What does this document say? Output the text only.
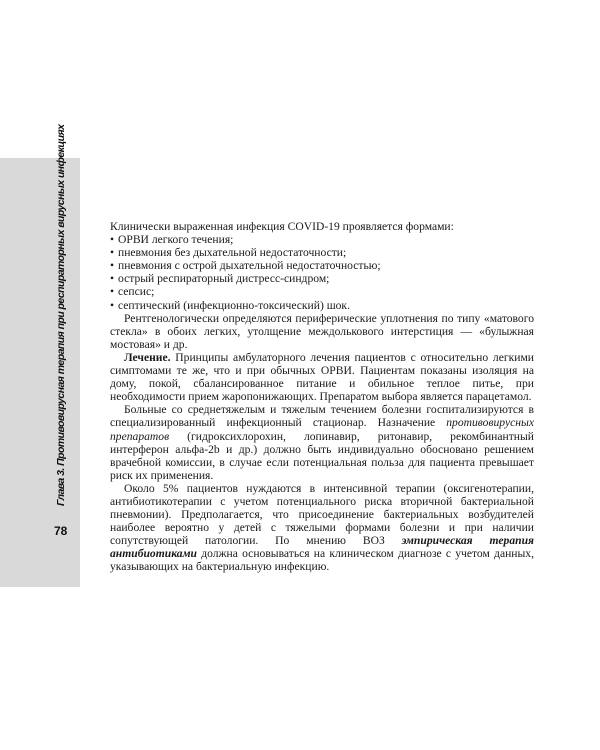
Глава 3. Противовирусная терапия при респираторных вирусных инфекциях
78

Клинически выраженная инфекция COVID-19 проявляется формами:

• ОРВИ легкого течения;
• пневмония без дыхательной недостаточности;
• пневмония с острой дыхательной недостаточностью;
• острый респираторный дистресс-синдром;
• сепсис;
• септический (инфекционно-токсический) шок.

Рентгенологически определяются периферические уплотнения по типу «матового стекла» в обоих легких, утолщение междолькового интерстиция — «булыжная мостовая» и др.

Лечение. Принципы амбулаторного лечения пациентов с относительно легкими симптомами те же, что и при обычных ОРВИ. Пациентам показаны изоляция на дому, покой, сбалансированное питание и обильное теплое питье, при необходимости прием жаропонижающих. Препаратом выбора является парацетамол.

Больные со среднетяжелым и тяжелым течением болезни госпитализируются в специализированный инфекционный стационар. Назначение противовирусных препаратов (гидроксихлорохин, лопинавир, ритонавир, рекомбинантный интерферон альфа-2b и др.) должно быть индивидуально обосновано решением врачебной комиссии, в случае если потенциальная польза для пациента превышает риск их применения.

Около 5% пациентов нуждаются в интенсивной терапии (оксигенотерапии, антибиотикотерапии с учетом потенциального риска вторичной бактериальной пневмонии). Предполагается, что присоединение бактериальных возбудителей наиболее вероятно у детей с тяжелыми формами болезни и при наличии сопутствующей патологии. По мнению ВОЗ эмпирическая терапия антибиотиками должна основываться на клиническом диагнозе с учетом данных, указывающих на бактериальную инфекцию.
